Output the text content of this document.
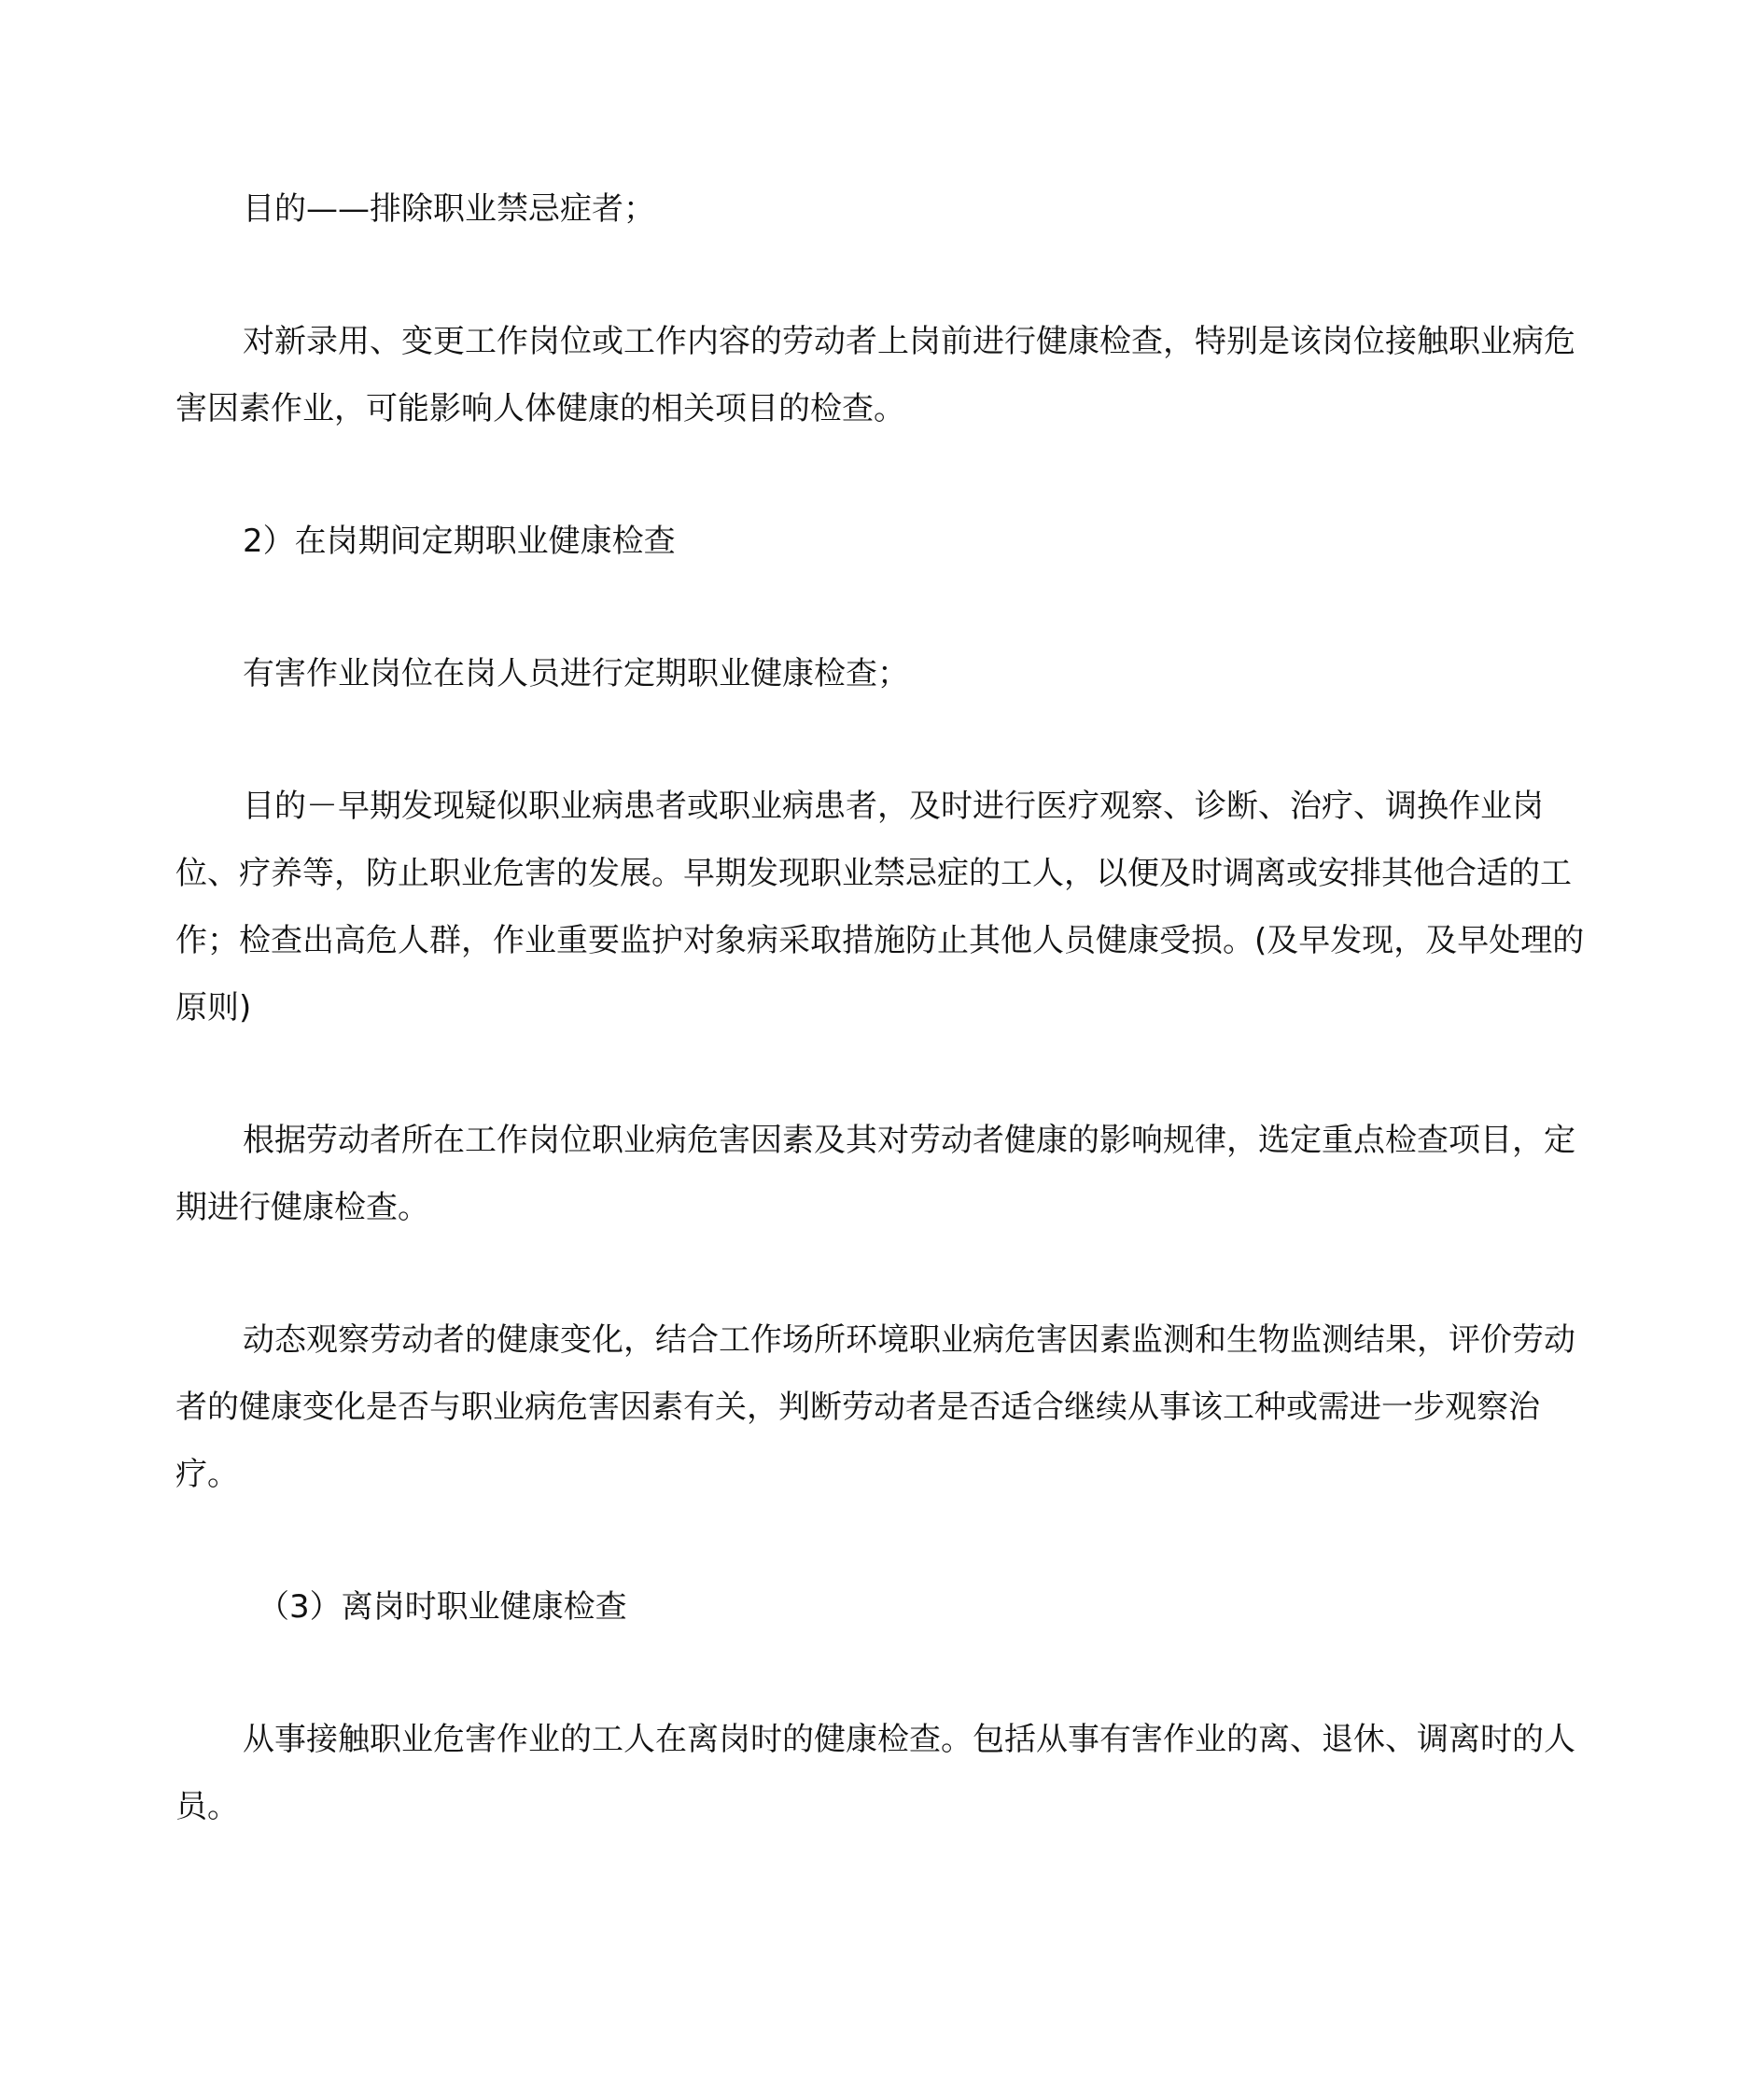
目的——排除职业禁忌症者；

对新录用、变更工作岗位或工作内容的劳动者上岗前进行健康检查，特别是该岗位接触职业病危害因素作业，可能影响人体健康的相关项目的检查。

2）在岗期间定期职业健康检查

有害作业岗位在岗人员进行定期职业健康检查；

目的－早期发现疑似职业病患者或职业病患者，及时进行医疗观察、诊断、治疗、调换作业岗位、疗养等，防止职业危害的发展。早期发现职业禁忌症的工人，以便及时调离或安排其他合适的工作；检查出高危人群，作业重要监护对象病采取措施防止其他人员健康受损。(及早发现，及早处理的原则)

根据劳动者所在工作岗位职业病危害因素及其对劳动者健康的影响规律，选定重点检查项目，定期进行健康检查。

动态观察劳动者的健康变化，结合工作场所环境职业病危害因素监测和生物监测结果，评价劳动者的健康变化是否与职业病危害因素有关，判断劳动者是否适合继续从事该工种或需进一步观察治疗。

（3）离岗时职业健康检查

从事接触职业危害作业的工人在离岗时的健康检查。包括从事有害作业的离、退休、调离时的人员。
